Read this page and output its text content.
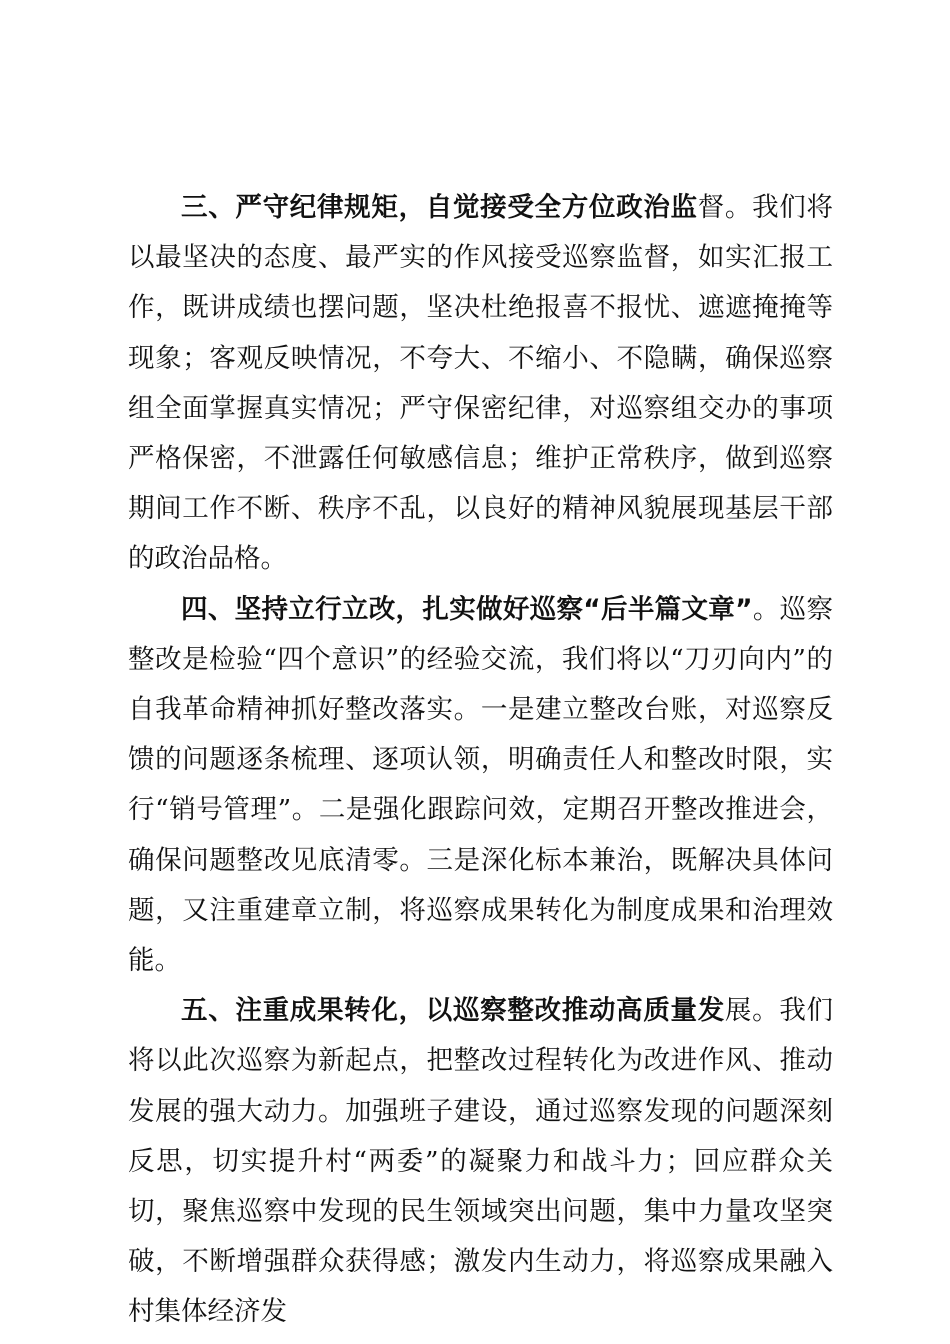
三、严守纪律规矩，自觉接受全方位政治监督。我们将以最坚决的态度、最严实的作风接受巡察监督，如实汇报工作，既讲成绩也摆问题，坚决杜绝报喜不报忧、遮遮掩掩等现象；客观反映情况，不夸大、不缩小、不隐瞒，确保巡察组全面掌握真实情况；严守保密纪律，对巡察组交办的事项严格保密，不泄露任何敏感信息；维护正常秩序，做到巡察期间工作不断、秩序不乱，以良好的精神风貌展现基层干部的政治品格。

四、坚持立行立改，扎实做好巡察“后半篇文章”。巡察整改是检验“四个意识”的经验交流，我们将以“刀刃向内”的自我革命精神抓好整改落实。一是建立整改台账，对巡察反馈的问题逐条梳理、逐项认领，明确责任人和整改时限，实行“销号管理”。二是强化跟踪问效，定期召开整改推进会，确保问题整改见底清零。三是深化标本兼治，既解决具体问题，又注重建章立制，将巡察成果转化为制度成果和治理效能。

五、注重成果转化，以巡察整改推动高质量发展。我们将以此次巡察为新起点，把整改过程转化为改进作风、推动发展的强大动力。加强班子建设，通过巡察发现的问题深刻反思，切实提升村“两委”的凝聚力和战斗力；回应群众关切，聚焦巡察中发现的民生领域突出问题，集中力量攻坚突破，不断增强群众获得感；激发内生动力，将巡察成果融入村集体经济发
